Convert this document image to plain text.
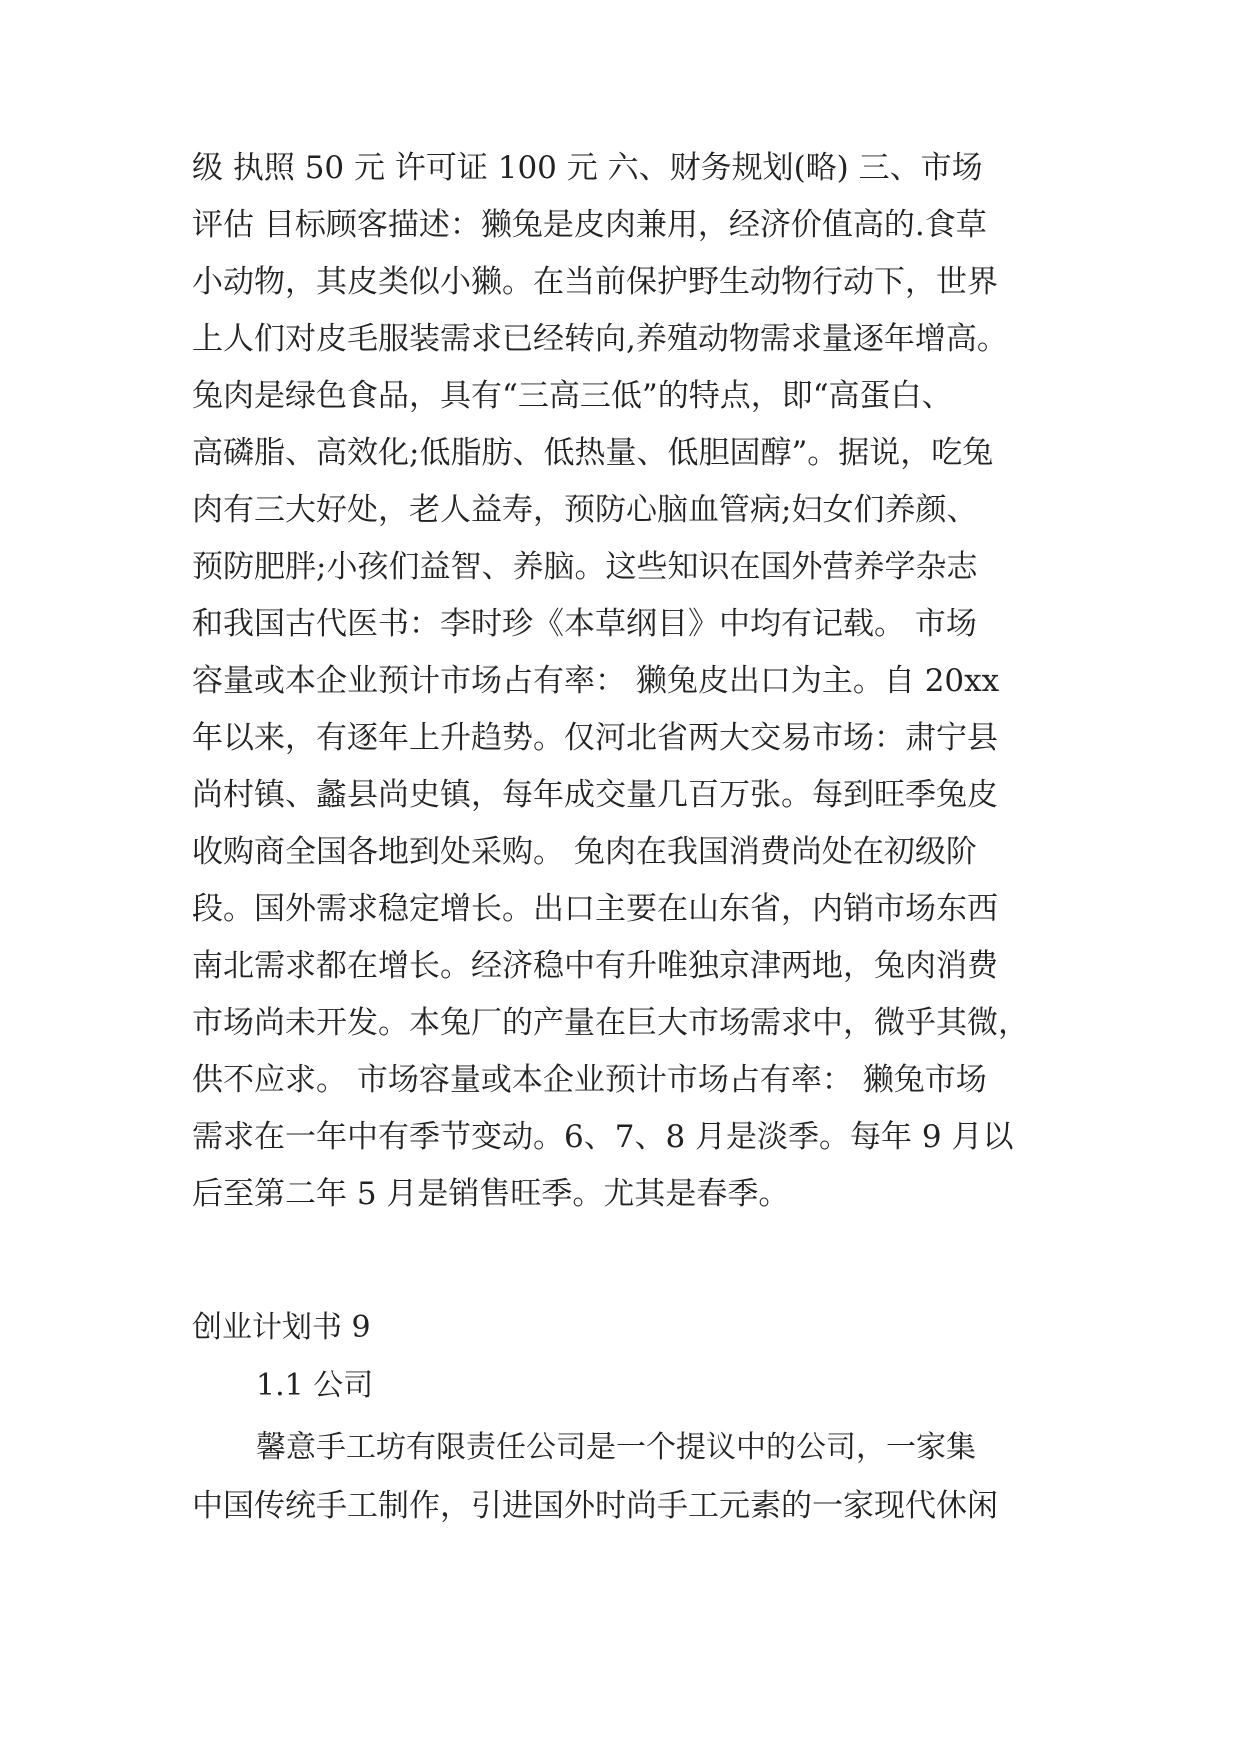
级 执照 50 元 许可证 100 元 六、财务规划(略) 三、市场
评估 目标顾客描述：獭兔是皮肉兼用，经济价值高的.食草
小动物，其皮类似小獭。在当前保护野生动物行动下，世界
上人们对皮毛服装需求已经转向,养殖动物需求量逐年增高。
兔肉是绿色食品，具有“三高三低”的特点，即“高蛋白、
高磷脂、高效化;低脂肪、低热量、低胆固醇”。据说，吃兔
肉有三大好处，老人益寿，预防心脑血管病;妇女们养颜、
预防肥胖;小孩们益智、养脑。这些知识在国外营养学杂志
和我国古代医书：李时珍《本草纲目》中均有记载。 市场
容量或本企业预计市场占有率： 獭兔皮出口为主。自 20xx
年以来，有逐年上升趋势。仅河北省两大交易市场：肃宁县
尚村镇、蠡县尚史镇，每年成交量几百万张。每到旺季兔皮
收购商全国各地到处采购。 兔肉在我国消费尚处在初级阶
段。国外需求稳定增长。出口主要在山东省，内销市场东西
南北需求都在增长。经济稳中有升唯独京津两地，兔肉消费
市场尚未开发。本兔厂的产量在巨大市场需求中，微乎其微，
供不应求。 市场容量或本企业预计市场占有率： 獭兔市场
需求在一年中有季节变动。6、7、8 月是淡季。每年 9 月以
后至第二年 5 月是销售旺季。尤其是春季。
创业计划书 9
1.1 公司
馨意手工坊有限责任公司是一个提议中的公司，一家集
中国传统手工制作，引进国外时尚手工元素的一家现代休闲
